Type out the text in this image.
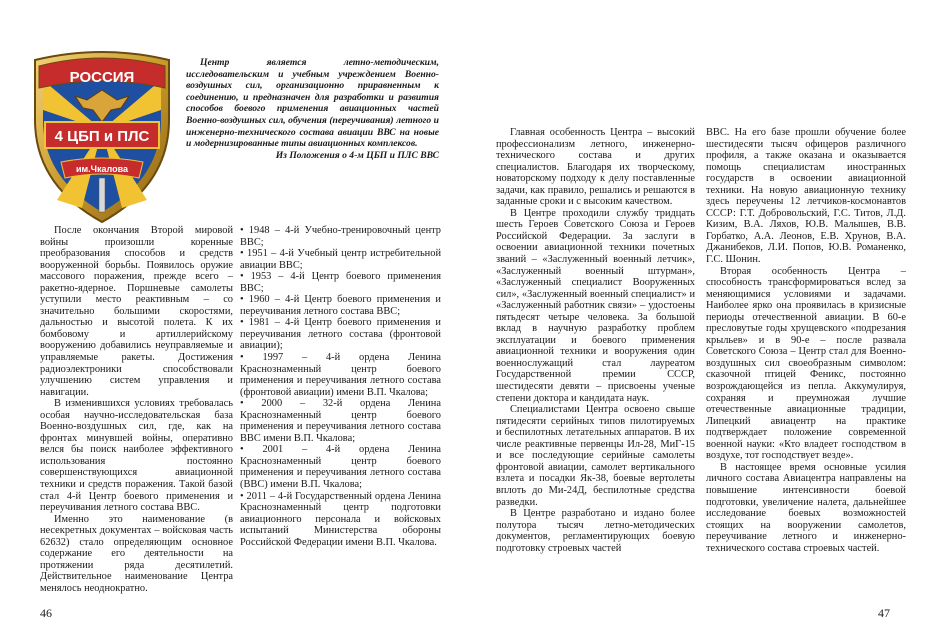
РОССИЯ
4 ЦБП и ПЛС
им.Чкалова

Центр является летно-методическим, исследовательским и учебным учреждением Военно-воздушных сил, организационно приравненным к соединению, и предназначен для разработки и развития способов боевого применения авиационных частей Военно-воздушных сил, обучения (переучивания) летного и инженерно-технического состава авиации ВВС на новые и модернизированные типы авиационных комплексов.

Из Положения о 4-м ЦБП и ПЛС ВВС

После окончания Второй мировой войны произошли коренные преобразования способов и средств вооруженной борьбы. Появилось оружие массового поражения, прежде всего – ракетно-ядерное. Поршневые самолеты уступили место реактивным – со значительно большими скоростями, дальностью и высотой полета. К их бомбовому и артиллерийскому вооружению добавились неуправляемые и управляемые ракеты. Достижения радиоэлектроники способствовали улучшению систем управления и навигации.

В изменившихся условиях требовалась особая научно-исследовательская база Военно-воздушных сил, где, как на фронтах минувшей войны, оперативно велся бы поиск наиболее эффективного использования постоянно совершенствующихся авиационной техники и средств поражения. Такой базой стал 4-й Центр боевого применения и переучивания летного состава ВВС.

Именно это наименование (в несекретных документах – войсковая часть 62632) стало определяющим основное содержание его деятельности на протяжении ряда десятилетий. Действительное наименование Центра менялось неоднократно.

• 1948 – 4-й Учебно-тренировочный центр ВВС;

• 1951 – 4-й Учебный центр истребительной авиации ВВС;

• 1953 – 4-й Центр боевого применения ВВС;

• 1960 – 4-й Центр боевого применения и переучивания летного состава ВВС;

• 1981 – 4-й Центр боевого применения и переучивания летного состава (фронтовой авиации);

• 1997 – 4-й ордена Ленина Краснознаменный центр боевого применения и переучивания летного состава (фронтовой авиации) имени В.П. Чкалова;

• 2000 – 32-й ордена Ленина Краснознаменный центр боевого применения и переучивания летного состава ВВС имени В.П. Чкалова;

• 2001 – 4-й ордена Ленина Краснознаменный центр боевого применения и переучивания летного состава (ВВС) имени В.П. Чкалова;

• 2011 – 4-й Государственный ордена Ленина Краснознаменный центр подготовки авиационного персонала и войсковых испытаний Министерства обороны Российской Федерации имени В.П. Чкалова.

46

Главная особенность Центра – высокий профессионализм летного, инженерно-технического состава и других специалистов. Благодаря их творческому, новаторскому подходу к делу поставленные задачи, как правило, решались и решаются в заданные сроки и с высоким качеством.

В Центре проходили службу тридцать шесть Героев Советского Союза и Героев Российской Федерации. За заслуги в освоении авиационной техники почетных званий – «Заслуженный военный летчик», «Заслуженный военный штурман», «Заслуженный специалист Вооруженных сил», «Заслуженный военный специалист» и «Заслуженный работник связи» – удостоены пятьдесят четыре человека. За большой вклад в научную разработку проблем эксплуатации и боевого применения авиационной техники и вооружения один военнослужащий стал лауреатом Государственной премии СССР, шестидесяти девяти – присвоены ученые степени доктора и кандидата наук.

Специалистами Центра освоено свыше пятидесяти серийных типов пилотируемых и беспилотных летательных аппаратов. В их числе реактивные первенцы Ил-28, МиГ-15 и все последующие серийные самолеты фронтовой авиации, самолет вертикального взлета и посадки Як-38, боевые вертолеты вплоть до Ми-24Д, беспилотные средства разведки.

В Центре разработано и издано более полутора тысяч летно-методических документов, регламентирующих боевую подготовку строевых частей

ВВС. На его базе прошли обучение более шестидесяти тысяч офицеров различного профиля, а также оказана и оказывается помощь специалистам иностранных государств в освоении авиационной техники. На новую авиационную технику здесь переучены 12 летчиков-космонавтов СССР: Г.Т. Добровольский, Г.С. Титов, Л.Д. Кизим, В.А. Ляхов, Ю.В. Малышев, В.В. Горбатко, А.А. Леонов, Е.В. Хрунов, В.А. Джанибеков, Л.И. Попов, Ю.В. Романенко, Г.С. Шонин.

Вторая особенность Центра – способность трансформироваться вслед за меняющимися условиями и задачами. Наиболее ярко она проявилась в кризисные периоды отечественной авиации. В 60-е пресловутые годы хрущевского «подрезания крыльев» и в 90-е – после развала Советского Союза – Центр стал для Военно-воздушных сил своеобразным символом: сказочной птицей Феникс, постоянно возрождающейся из пепла. Аккумулируя, сохраняя и преумножая лучшие отечественные авиационные традиции, Липецкий авиацентр на практике подтверждает положение современной военной науки: «Кто владеет господством в воздухе, тот господствует везде».

В настоящее время основные усилия личного состава Авиацентра направлены на повышение интенсивности боевой подготовки, увеличение налета, дальнейшее исследование боевых возможностей стоящих на вооружении самолетов, переучивание летного и инженерно-технического состава строевых частей.

47
